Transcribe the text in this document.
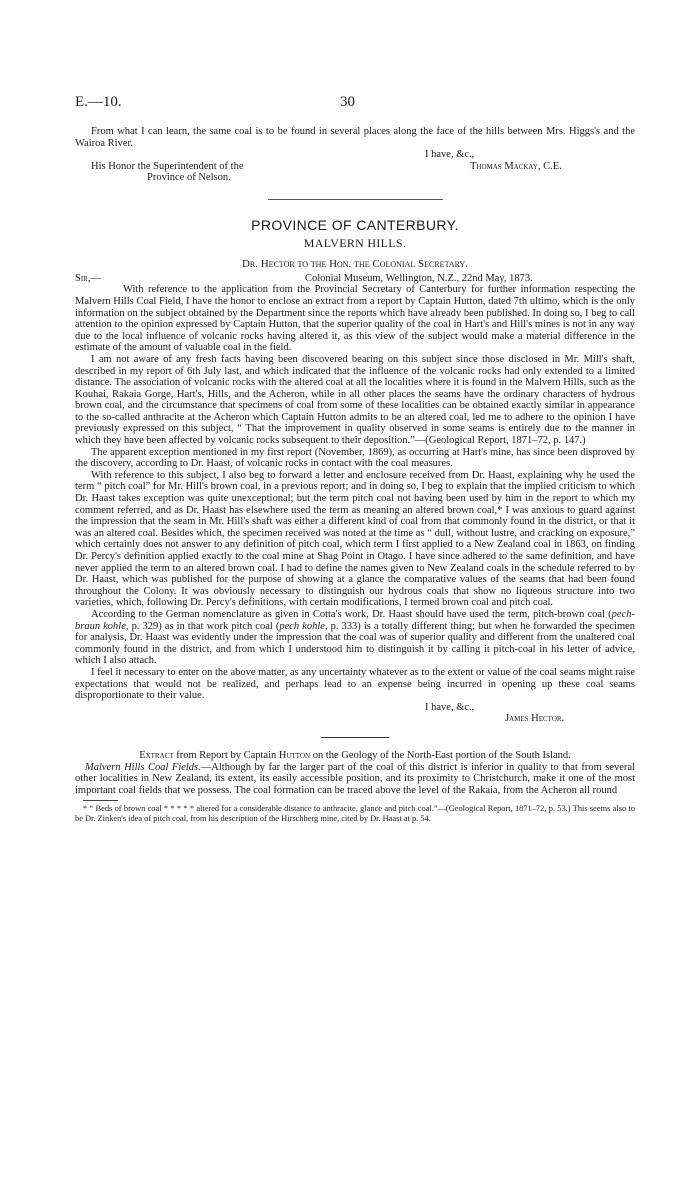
E.—10.	30

From what I can learn, the same coal is to be found in several places along the face of the hills between Mrs. Higgs's and the Wairoa River.

I have, &c.,
His Honor the Superintendent of the	Thomas Mackay, C.E.
Province of Nelson.
PROVINCE OF CANTERBURY.
MALVERN HILLS.
Dr. Hector to the Hon. the Colonial Secretary.
Sir,—	Colonial Museum, Wellington, N.Z., 22nd May, 1873.

With reference to the application from the Provincial Secretary of Canterbury for further information respecting the Malvern Hills Coal Field, I have the honor to enclose an extract from a report by Captain Hutton, dated 7th ultimo, which is the only information on the subject obtained by the Department since the reports which have already been published. In doing so, I beg to call attention to the opinion expressed by Captain Hutton, that the superior quality of the coal in Hart's and Hill's mines is not in any way due to the local influence of volcanic rocks having altered it, as this view of the subject would make a material difference in the estimate of the amount of valuable coal in the field.

I am not aware of any fresh facts having been discovered bearing on this subject since those disclosed in Mr. Mill's shaft, described in my report of 6th July last, and which indicated that the influence of the volcanic rocks had only extended to a limited distance. The association of volcanic rocks with the altered coal at all the localities where it is found in the Malvern Hills, such as the Kouhai, Rakaia Gorge, Hart's, Hills, and the Acheron, while in all other places the seams have the ordinary characters of hydrous brown coal, and the circumstance that specimens of coal from some of these localities can be obtained exactly similar in appearance to the so-called anthracite at the Acheron which Captain Hutton admits to be an altered coal, led me to adhere to the opinion I have previously expressed on this subject, “ That the improvement in quality observed in some seams is entirely due to the manner in which they have been affected by volcanic rocks subsequent to their deposition.”—(Geological Report, 1871–72, p. 147.)

The apparent exception mentioned in my first report (November, 1869), as occurring at Hart's mine, has since been disproved by the discovery, according to Dr. Haast, of volcanic rocks in contact with the coal measures.

With reference to this subject, I also beg to forward a letter and enclosure received from Dr. Haast, explaining why he used the term “ pitch coal” for Mr. Hill's brown coal, in a previous report; and in doing so, I beg to explain that the implied criticism to which Dr. Haast takes exception was quite unexceptional; but the term pitch coal not having been used by him in the report to which my comment referred, and as Dr. Haast has elsewhere used the term as meaning an altered brown coal,* I was anxious to guard against the impression that the seam in Mr. Hill's shaft was either a different kind of coal from that commonly found in the district, or that it was an altered coal. Besides which, the specimen received was noted at the time as “ dull, without lustre, and cracking on exposure,” which certainly does not answer to any definition of pitch coal, which term I first applied to a New Zealand coal in 1863, on finding Dr. Percy's definition applied exactly to the coal mine at Shag Point in Otago. I have since adhered to the same definition, and have never applied the term to an altered brown coal. I had to define the names given to New Zealand coals in the schedule referred to by Dr. Haast, which was published for the purpose of showing at a glance the comparative values of the seams that had been found throughout the Colony. It was obviously necessary to distinguish our hydrous coals that show no liqueous structure into two varieties, which, following Dr. Percy's definitions, with certain modifications, I termed brown coal and pitch coal.

According to the German nomenclature as given in Cotta's work, Dr. Haast should have used the term, pitch-brown coal (pech-braun kohle, p. 329) as in that work pitch coal (pech kohle, p. 333) is a totally different thing; but when he forwarded the specimen for analysis, Dr. Haast was evidently under the impression that the coal was of superior quality and different from the unaltered coal commonly found in the district, and from which I understood him to distinguish it by calling it pitch-coal in his letter of advice, which I also attach.

I feel it necessary to enter on the above matter, as any uncertainty whatever as to the extent or value of the coal seams might raise expectations that would not be realized, and perhaps lead to an expense being incurred in opening up these coal seams disproportionate to their value.

I have, &c.,
James Hector.

Extract from Report by Captain Hutton on the Geology of the North-East portion of the South Island.

Malvern Hills Coal Fields.—Although by far the larger part of the coal of this district is inferior in quality to that from several other localities in New Zealand, its extent, its easily accessible position, and its proximity to Christchurch, make it one of the most important coal fields that we possess. The coal formation can be traced above the level of the Rakaia, from the Acheron all round

* “ Beds of brown coal * * * * * altered for a considerable distance to anthracite, glance and pitch coal.”—(Geological Report, 1871–72, p. 53.) This seems also to be Dr. Zinken's idea of pitch coal, from his description of the Hirschberg mine, cited by Dr. Haast at p. 54.
